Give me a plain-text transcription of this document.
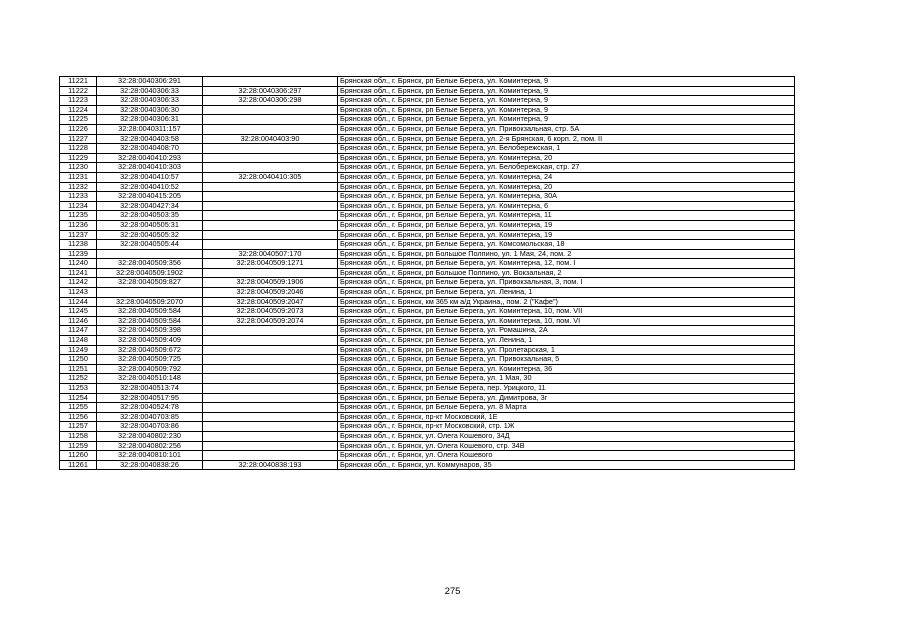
11221	32:28:0040306:291		Брянская обл., г. Брянск, рп Белые Берега, ул. Коминтерна, 9
11222	32:28:0040306:33	32:28:0040306:297	Брянская обл., г. Брянск, рп Белые Берега, ул. Коминтерна, 9
11223	32:28:0040306:33	32:28:0040306:298	Брянская обл., г. Брянск, рп Белые Берега, ул. Коминтерна, 9
11224	32:28:0040306:30		Брянская обл., г. Брянск, рп Белые Берега, ул. Коминтерна, 9
11225	32:28:0040306:31		Брянская обл., г. Брянск, рп Белые Берега, ул. Коминтерна, 9
11226	32:28:0040311:157		Брянская обл., г. Брянск, рп Белые Берега, ул. Привокзальная, стр. 5А
11227	32:28:0040403:58	32:28:0040403:90	Брянская обл., г. Брянск, рп Белые Берега, ул. 2-я Брянская, 6 корп. 2, пом. II
11228	32:28:0040408:70		Брянская обл., г. Брянск, рп Белые Берега, ул. Белобережская, 1
11229	32:28:0040410:293		Брянская обл., г. Брянск, рп Белые Берега, ул. Коминтерна, 20
11230	32:28:0040410:303		Брянская обл., г. Брянск, рп Белые Берега, ул. Белобережская, стр. 27
11231	32:28:0040410:57	32:28:0040410:305	Брянская обл., г. Брянск, рп Белые Берега, ул. Коминтерна, 24
11232	32:28:0040410:52		Брянская обл., г. Брянск, рп Белые Берега, ул. Коминтерна, 20
11233	32:28:0040415:205		Брянская обл., г. Брянск, рп Белые Берега, ул. Коминтерна, 30А
11234	32:28:0040427:34		Брянская обл., г. Брянск, рп Белые Берега, ул. Коминтерна, 6
11235	32:28:0040503:35		Брянская обл., г. Брянск, рп Белые Берега, ул. Коминтерна, 11
11236	32:28:0040505:31		Брянская обл., г. Брянск, рп Белые Берега, ул. Коминтерна, 19
11237	32:28:0040505:32		Брянская обл., г. Брянск, рп Белые Берега, ул. Коминтерна, 19
11238	32:28:0040505:44		Брянская обл., г. Брянск, рп Белые Берега, ул. Комсомольская, 18
11239		32:28:0040507:170	Брянская обл., г. Брянск, рп Большое Полпино, ул. 1 Мая, 24, пом. 2
11240	32:28:0040509:356	32:28:0040509:1271	Брянская обл., г. Брянск, рп Белые Берега, ул. Коминтерна, 12, пом. I
11241	32:28:0040509:1902		Брянская обл., г. Брянск, рп Большое Полпино, ул. Вокзальная, 2
11242	32:28:0040509:827	32:28:0040509:1906	Брянская обл., г. Брянск, рп Белые Берега, ул. Привокзальная, 3, пом. I
11243		32:28:0040509:2046	Брянская обл., г. Брянск, рп Белые Берега, ул. Ленина, 1
11244	32:28:0040509:2070	32:28:0040509:2047	Брянская обл., г. Брянск, км 365 км а/д Украина,, пом. 2 ("Кафе")
11245	32:28:0040509:584	32:28:0040509:2073	Брянская обл., г. Брянск, рп Белые Берега, ул. Коминтерна, 10, пом. VII
11246	32:28:0040509:584	32:28:0040509:2074	Брянская обл., г. Брянск, рп Белые Берега, ул. Коминтерна, 10, пом. VI
11247	32:28:0040509:398		Брянская обл., г. Брянск, рп Белые Берега, ул. Ромашина, 2А
11248	32:28:0040509:409		Брянская обл., г. Брянск, рп Белые Берега, ул. Ленина, 1
11249	32:28:0040509:672		Брянская обл., г. Брянск, рп Белые Берега, ул. Пролетарская, 1
11250	32:28:0040509:725		Брянская обл., г. Брянск, рп Белые Берега, ул. Привокзальная, 5
11251	32:28:0040509:792		Брянская обл., г. Брянск, рп Белые Берега, ул. Коминтерна, 36
11252	32:28:0040510:148		Брянская обл., г. Брянск, рп Белые Берега, ул. 1 Мая, 30
11253	32:28:0040513:74		Брянская обл., г. Брянск, рп Белые Берега, пер. Урицкого, 11
11254	32:28:0040517:95		Брянская обл., г. Брянск, рп Белые Берега, ул. Димитрова, 3г
11255	32:28:0040524:78		Брянская обл., г. Брянск, рп Белые Берега, ул. 8 Марта
11256	32:28:0040703:85		Брянская обл., г. Брянск, пр-кт Московский, 1Е
11257	32:28:0040703:86		Брянская обл., г. Брянск, пр-кт Московский, стр. 1Ж
11258	32:28:0040802:230		Брянская обл., г. Брянск, ул. Олега Кошевого, 34Д
11259	32:28:0040802:256		Брянская обл., г. Брянск, ул. Олега Кошевого, стр. 34В
11260	32:28:0040810:101		Брянская обл., г. Брянск, ул. Олега Кошевого
11261	32:28:0040838:26	32:28:0040838:193	Брянская обл., г. Брянск, ул. Коммунаров, 35
275
